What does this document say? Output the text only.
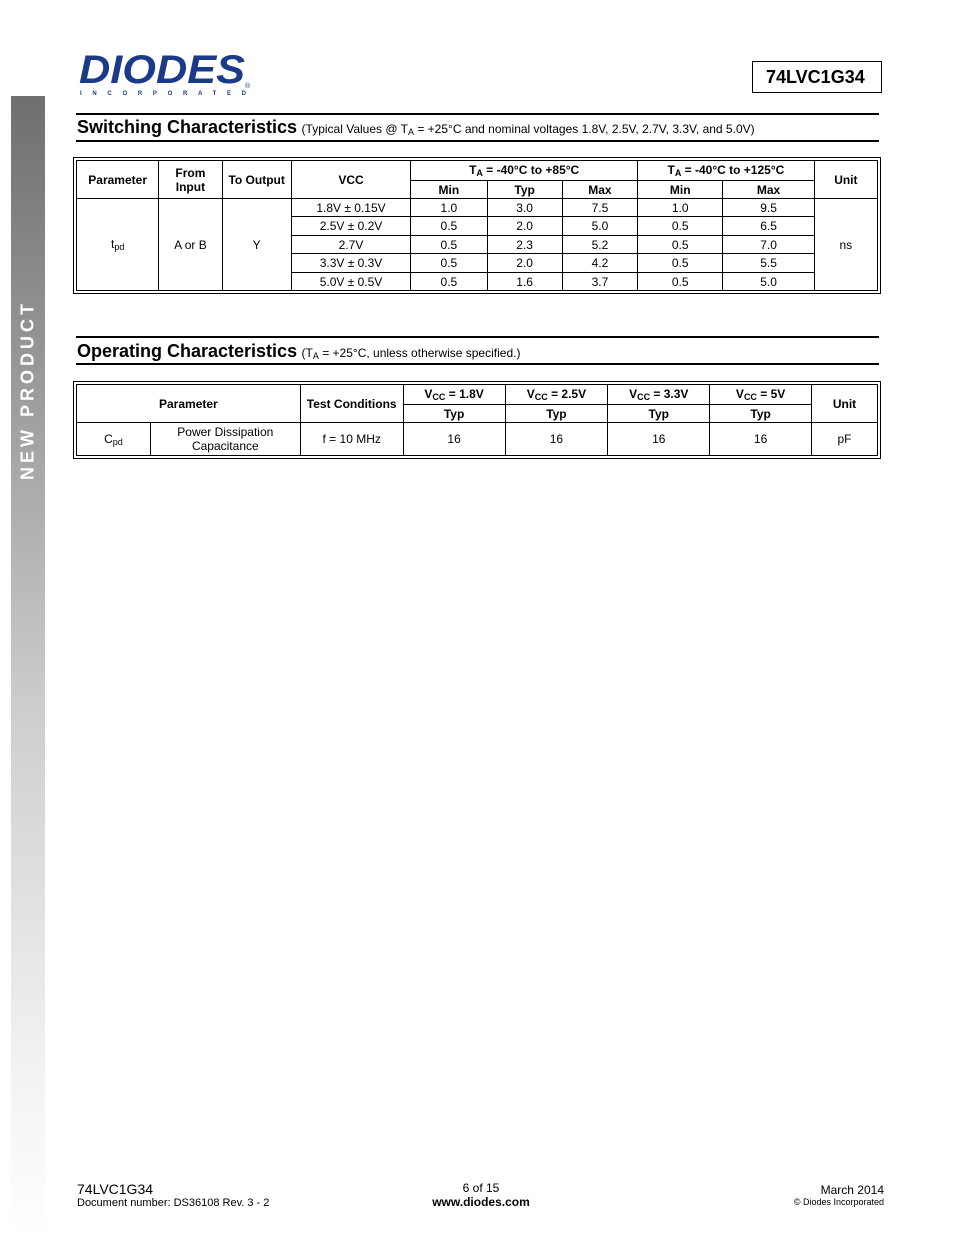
NEW PRODUCT
DIODES
INCORPORATED
®	74LVC1G34
Switching Characteristics (Typical Values @ $T_A = +25^\circ C$ and nominal voltages 1.8V, 2.5V, 2.7V, 3.3V, and 5.0V)
Parameter	From Input	To Output	VCC	$T_A = -40^\circ C$ to +85°C			$T_A = -40^\circ C$ to +125°C		Unit
				Min	Typ	Max	Min	Max	
$t_{pd}$	A or B	Y	1.8V ± 0.15V	1.0	3.0	7.5	1.0	9.5	ns
			2.5V ± 0.2V	0.5	2.0	5.0	0.5	6.5	
			2.7V	0.5	2.3	5.2	0.5	7.0	
			3.3V ± 0.3V	0.5	2.0	4.2	0.5	5.5	
			5.0V ± 0.5V	0.5	1.6	3.7	0.5	5.0	
Operating Characteristics ($T_A = +25^\circ C$, unless otherwise specified.)
Parameter		Test Conditions	$V_{CC} = 1.8V$	$V_{CC} = 2.5V$	$V_{CC} = 3.3V$	$V_{CC} = 5V$	Unit
			Typ	Typ	Typ	Typ	
$C_{pd}$	Power Dissipation Capacitance	f = 10 MHz	16	16	16	16	pF
74LVC1G34
Document number: DS36108 Rev. 3 - 2
6 of 15
www.diodes.com
March 2014
© Diodes Incorporated
